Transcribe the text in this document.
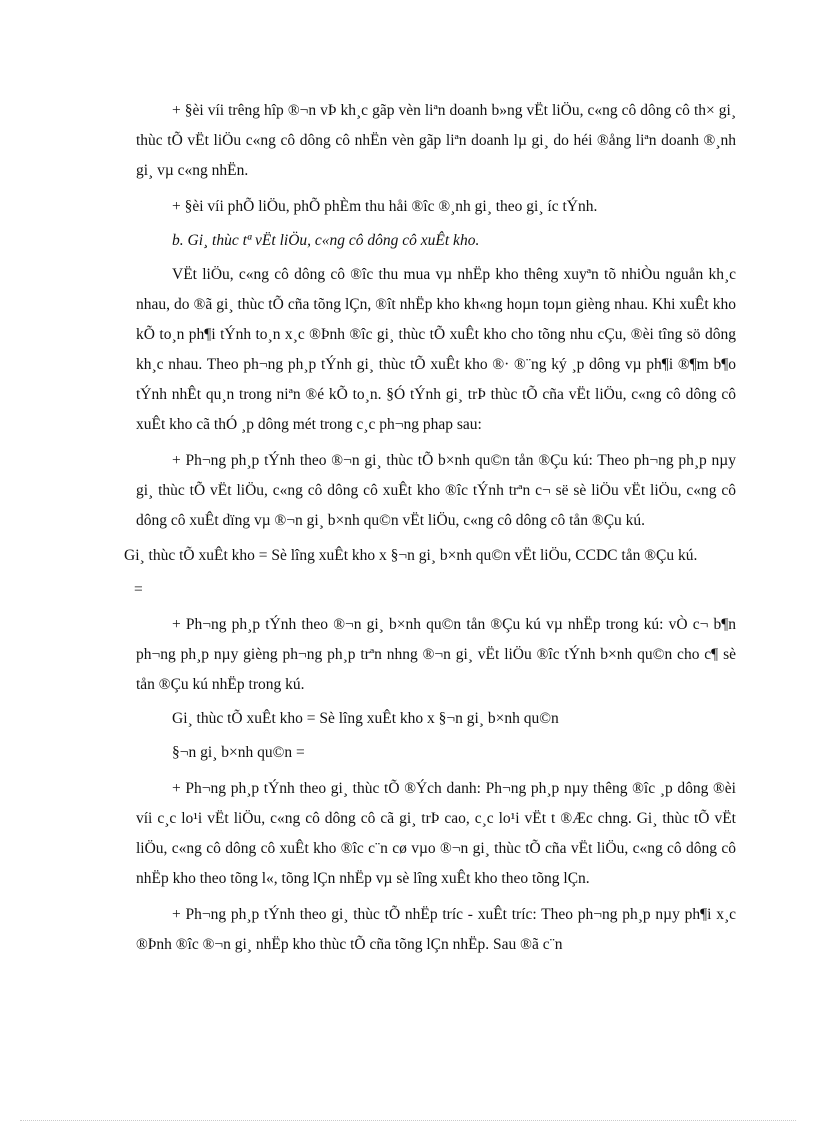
+ §èi víi trêng hîp ®¬n vÞ kh¸c gãp vèn liªn doanh b»ng vËt liÖu, c«ng cô dông cô th× gi¸ thùc tÕ vËt liÖu c«ng cô dông cô nhËn vèn gãp liªn doanh lµ gi¸ do héi ®ång liªn doanh ®¸nh gi¸ vµ c«ng nhËn.

+ §èi víi phÕ liÖu, phÕ phÈm thu håi ®îc ®¸nh gi¸ theo gi¸ íc tÝnh.

b. Gi¸ thùc tª vËt liÖu, c«ng cô dông cô xuÊt kho.

VËt liÖu, c«ng cô dông cô ®îc thu mua vµ nhËp kho thêng xuyªn tõ nhiÒu nguån kh¸c nhau, do ®ã gi¸ thùc tÕ cña tõng lÇn, ®ît nhËp kho kh«ng hoµn toµn gièng nhau. Khi xuÊt kho kÕ to¸n ph¶i tÝnh to¸n x¸c ®Þnh ®îc gi¸ thùc tÕ xuÊt kho cho tõng nhu cÇu, ®èi tîng sö dông kh¸c nhau. Theo ph¬ng ph¸p tÝnh gi¸ thùc tÕ xuÊt kho ®· ®¨ng ký ¸p dông vµ ph¶i ®¶m b¶o tÝnh nhÊt qu¸n trong niªn ®é kÕ to¸n. §Ó tÝnh gi¸ trÞ thùc tÕ cña vËt liÖu, c«ng cô dông cô xuÊt kho cã thÓ ¸p dông mét trong c¸c ph¬ng phap sau:

+ Ph¬ng ph¸p tÝnh theo ®¬n gi¸ thùc tÕ b×nh qu©n tån ®Çu kú: Theo ph¬ng ph¸p nµy gi¸ thùc tÕ vËt liÖu, c«ng cô dông cô xuÊt kho ®îc tÝnh trªn c¬ së sè liÖu vËt liÖu, c«ng cô dông cô xuÊt dïng vµ ®¬n gi¸ b×nh qu©n vËt liÖu, c«ng cô dông cô tån ®Çu kú.

Gi¸ thùc tÕ xuÊt kho = Sè lîng xuÊt kho x §¬n gi¸ b×nh qu©n vËt liÖu, CCDC tån ®Çu kú.

=

+ Ph¬ng ph¸p tÝnh theo ®¬n gi¸ b×nh qu©n tån ®Çu kú vµ nhËp trong kú: vÒ c¬ b¶n ph¬ng ph¸p nµy gièng ph¬ng ph¸p trªn nhng ®¬n gi¸ vËt liÖu ®îc tÝnh b×nh qu©n cho c¶ sè tån ®Çu kú nhËp trong kú.

Gi¸ thùc tÕ xuÊt kho = Sè lîng xuÊt kho x §¬n gi¸ b×nh qu©n

§¬n gi¸ b×nh qu©n =

+ Ph¬ng ph¸p tÝnh theo gi¸ thùc tÕ ®Ých danh: Ph¬ng ph¸p nµy thêng ®îc ¸p dông ®èi víi c¸c lo¹i vËt liÖu, c«ng cô dông cô cã gi¸ trÞ cao, c¸c lo¹i vËt t ®Æc chng. Gi¸ thùc tÕ vËt liÖu, c«ng cô dông cô xuÊt kho ®îc c¨n cø vµo ®¬n gi¸ thùc tÕ cña vËt liÖu, c«ng cô dông cô nhËp kho theo tõng l«, tõng lÇn nhËp vµ sè lîng xuÊt kho theo tõng lÇn.

+ Ph¬ng ph¸p tÝnh theo gi¸ thùc tÕ nhËp tríc - xuÊt tríc: Theo ph¬ng ph¸p nµy ph¶i x¸c ®Þnh ®îc ®¬n gi¸ nhËp kho thùc tÕ cña tõng lÇn nhËp. Sau ®ã c¨n
